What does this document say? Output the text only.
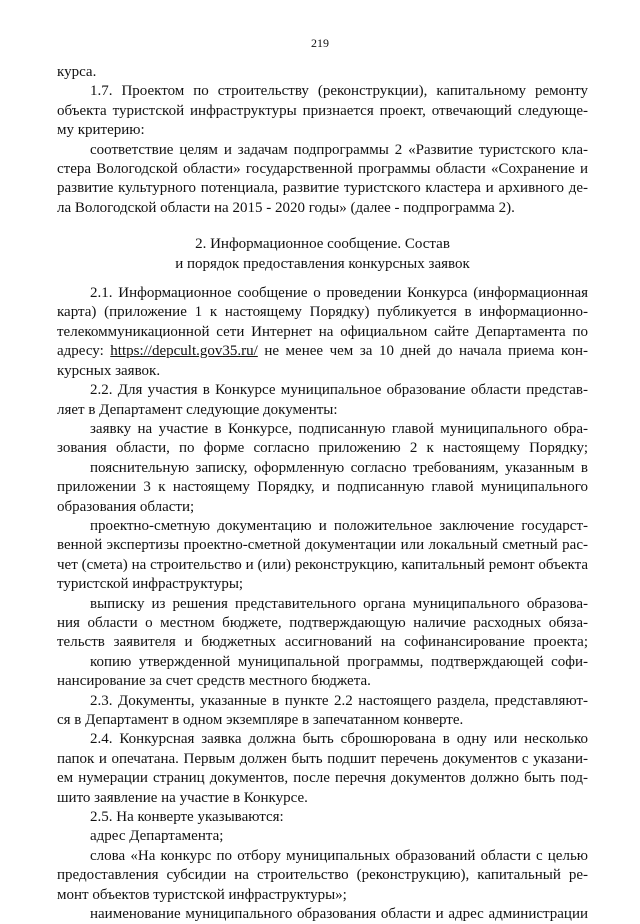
219
курса.
1.7. Проектом по строительству (реконструкции), капитальному ремонту
объекта туристской инфраструктуры признается проект, отвечающий следующе-
му критерию:
соответствие целям и задачам подпрограммы 2 «Развитие туристского кла-
стера Вологодской области» государственной программы области «Сохранение и
развитие культурного потенциала, развитие туристского кластера и архивного де-
ла Вологодской области на 2015 - 2020 годы» (далее - подпрограмма 2).
2. Информационное сообщение. Состав
и порядок предоставления конкурсных заявок
2.1. Информационное сообщение о проведении Конкурса (информационная
карта) (приложение 1 к настоящему Порядку) публикуется в информационно-
телекоммуникационной сети Интернет на официальном сайте Департамента по
адресу: https://depcult.gov35.ru/ не менее чем за 10 дней до начала приема кон-
курсных заявок.
2.2. Для участия в Конкурсе муниципальное образование области представ-
ляет в Департамент следующие документы:
заявку на участие в Конкурсе, подписанную главой муниципального обра-
зования области, по форме согласно приложению 2 к настоящему Порядку;
пояснительную записку, оформленную согласно требованиям, указанным в
приложении 3 к настоящему Порядку, и подписанную главой муниципального
образования области;
проектно-сметную документацию и положительное заключение государст-
венной экспертизы проектно-сметной документации или локальный сметный рас-
чет (смета) на строительство и (или) реконструкцию, капитальный ремонт объекта
туристской инфраструктуры;
выписку из решения представительного органа муниципального образова-
ния области о местном бюджете, подтверждающую наличие расходных обяза-
тельств заявителя и бюджетных ассигнований на софинансирование проекта;
копию утвержденной муниципальной программы, подтверждающей софи-
нансирование за счет средств местного бюджета.
2.3. Документы, указанные в пункте 2.2 настоящего раздела, представляют-
ся в Департамент в одном экземпляре в запечатанном конверте.
2.4. Конкурсная заявка должна быть сброшюрована в одну или несколько
папок и опечатана. Первым должен быть подшит перечень документов с указани-
ем нумерации страниц документов, после перечня документов должно быть под-
шито заявление на участие в Конкурсе.
2.5. На конверте указываются:
адрес Департамента;
слова «На конкурс по отбору муниципальных образований области с целью
предоставления субсидии на строительство (реконструкцию), капитальный ре-
монт объектов туристской инфраструктуры»;
наименование муниципального образования области и адрес администрации
